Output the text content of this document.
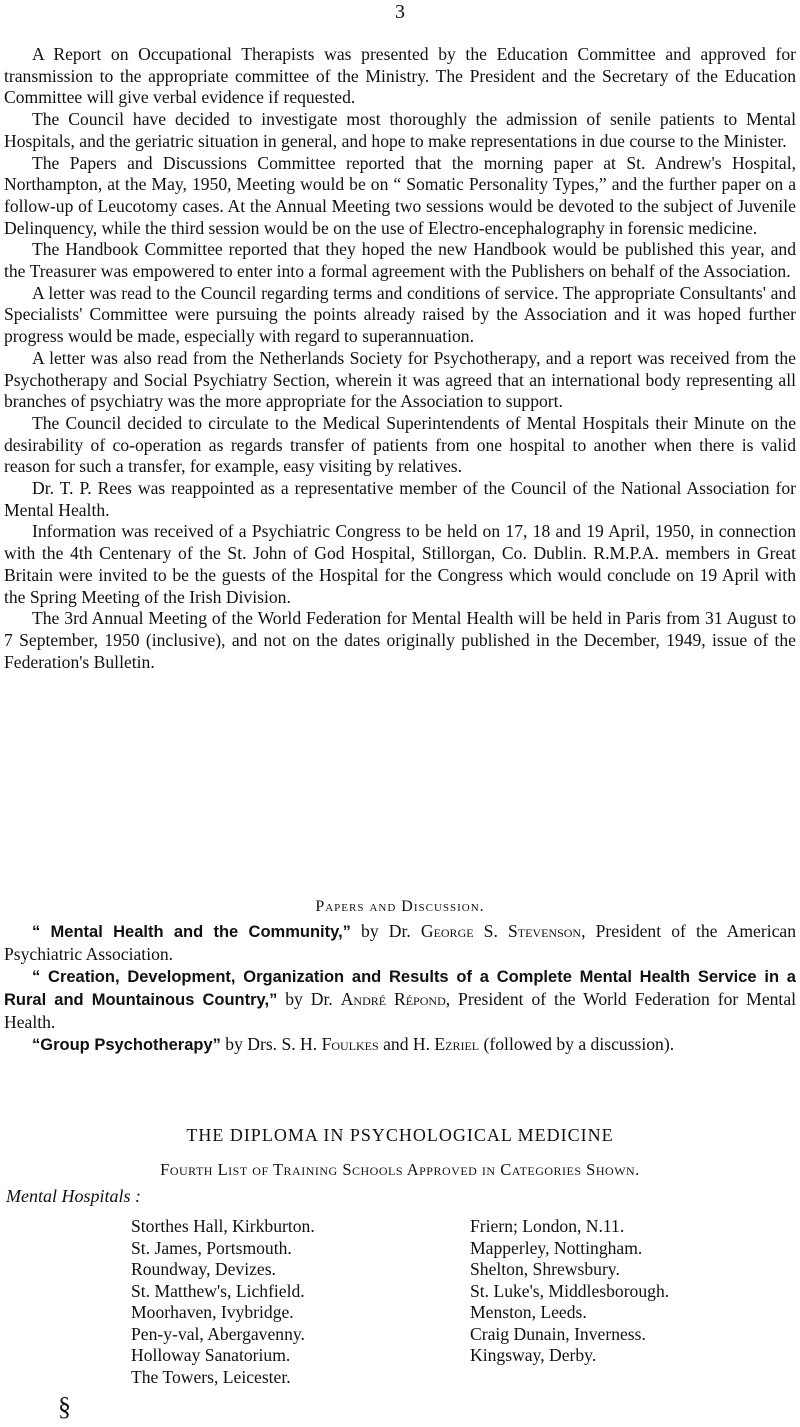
3

A Report on Occupational Therapists was presented by the Education Committee and approved for transmission to the appropriate committee of the Ministry. The President and the Secretary of the Education Committee will give verbal evidence if requested.

The Council have decided to investigate most thoroughly the admission of senile patients to Mental Hospitals, and the geriatric situation in general, and hope to make representations in due course to the Minister.

The Papers and Discussions Committee reported that the morning paper at St. Andrew's Hospital, Northampton, at the May, 1950, Meeting would be on “ Somatic Personality Types,” and the further paper on a follow-up of Leucotomy cases. At the Annual Meeting two sessions would be devoted to the subject of Juvenile Delinquency, while the third session would be on the use of Electro-encephalography in forensic medicine.

The Handbook Committee reported that they hoped the new Handbook would be published this year, and the Treasurer was empowered to enter into a formal agreement with the Publishers on behalf of the Association.

A letter was read to the Council regarding terms and conditions of service. The appropriate Consultants' and Specialists' Committee were pursuing the points already raised by the Association and it was hoped further progress would be made, especially with regard to superannuation.

A letter was also read from the Netherlands Society for Psychotherapy, and a report was received from the Psychotherapy and Social Psychiatry Section, wherein it was agreed that an international body representing all branches of psychiatry was the more appropriate for the Association to support.

The Council decided to circulate to the Medical Superintendents of Mental Hospitals their Minute on the desirability of co-operation as regards transfer of patients from one hospital to another when there is valid reason for such a transfer, for example, easy visiting by relatives.

Dr. T. P. Rees was reappointed as a representative member of the Council of the National Association for Mental Health.

Information was received of a Psychiatric Congress to be held on 17, 18 and 19 April, 1950, in connection with the 4th Centenary of the St. John of God Hospital, Stillorgan, Co. Dublin. R.M.P.A. members in Great Britain were invited to be the guests of the Hospital for the Congress which would conclude on 19 April with the Spring Meeting of the Irish Division.

The 3rd Annual Meeting of the World Federation for Mental Health will be held in Paris from 31 August to 7 September, 1950 (inclusive), and not on the dates originally published in the December, 1949, issue of the Federation's Bulletin.

Papers and Discussion.

“ Mental Health and the Community,” by Dr. George S. Stevenson, President of the American Psychiatric Association.

“ Creation, Development, Organization and Results of a Complete Mental Health Service in a Rural and Mountainous Country,” by Dr. André Répond, President of the World Federation for Mental Health.

“Group Psychotherapy” by Drs. S. H. Foulkes and H. Ezriel (followed by a discussion).

THE DIPLOMA IN PSYCHOLOGICAL MEDICINE
Fourth List of Training Schools Approved in Categories Shown.
Mental Hospitals :
Storthes Hall, Kirkburton.
St. James, Portsmouth.
Roundway, Devizes.
St. Matthew's, Lichfield.
Moorhaven, Ivybridge.
Pen-y-val, Abergavenny.
Holloway Sanatorium.
The Towers, Leicester.
Friern; London, N.11.
Mapperley, Nottingham.
Shelton, Shrewsbury.
St. Luke's, Middlesborough.
Menston, Leeds.
Craig Dunain, Inverness.
Kingsway, Derby.
§
